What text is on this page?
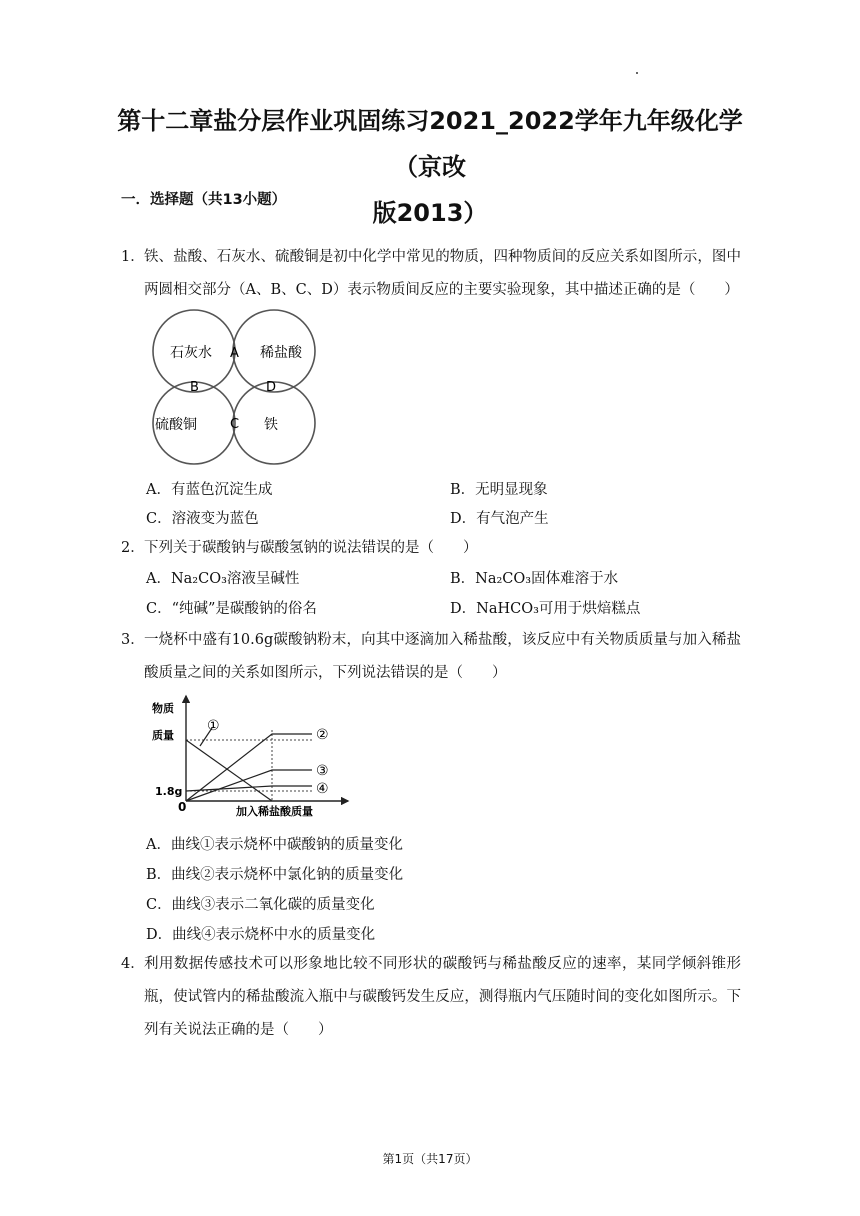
第十二章盐分层作业巩固练习2021_2022学年九年级化学（京改
版2013）
一．选择题（共13小题）
1． 铁、盐酸、石灰水、硫酸铜是初中化学中常见的物质，四种物质间的反应关系如图所示，图中两圆相交部分（A、B、C、D）表示物质间反应的主要实验现象，其中描述正确的是（　　）
石灰水	稀盐酸
硫酸铜	铁
A
B
C
D
A．有蓝色沉淀生成	B．无明显现象
C．溶液变为蓝色	D．有气泡产生
2． 下列关于碳酸钠与碳酸氢钠的说法错误的是（　　）
A．Na₂CO₃溶液呈碱性	B．Na₂CO₃固体难溶于水
C．“纯碱”是碳酸钠的俗名	D．NaHCO₃可用于烘焙糕点
3． 一烧杯中盛有10.6g碳酸钠粉末，向其中逐滴加入稀盐酸，该反应中有关物质质量与加入稀盐酸质量之间的关系如图所示，下列说法错误的是（　　）
物质
质量
1.8g
0	加入稀盐酸质量
①
②
③
④
A．曲线①表示烧杯中碳酸钠的质量变化
B．曲线②表示烧杯中氯化钠的质量变化
C．曲线③表示二氧化碳的质量变化
D．曲线④表示烧杯中水的质量变化
4． 利用数据传感技术可以形象地比较不同形状的碳酸钙与稀盐酸反应的速率，某同学倾斜锥形瓶，使试管内的稀盐酸流入瓶中与碳酸钙发生反应，测得瓶内气压随时间的变化如图所示。下列有关说法正确的是（　　）
第1页（共17页）
